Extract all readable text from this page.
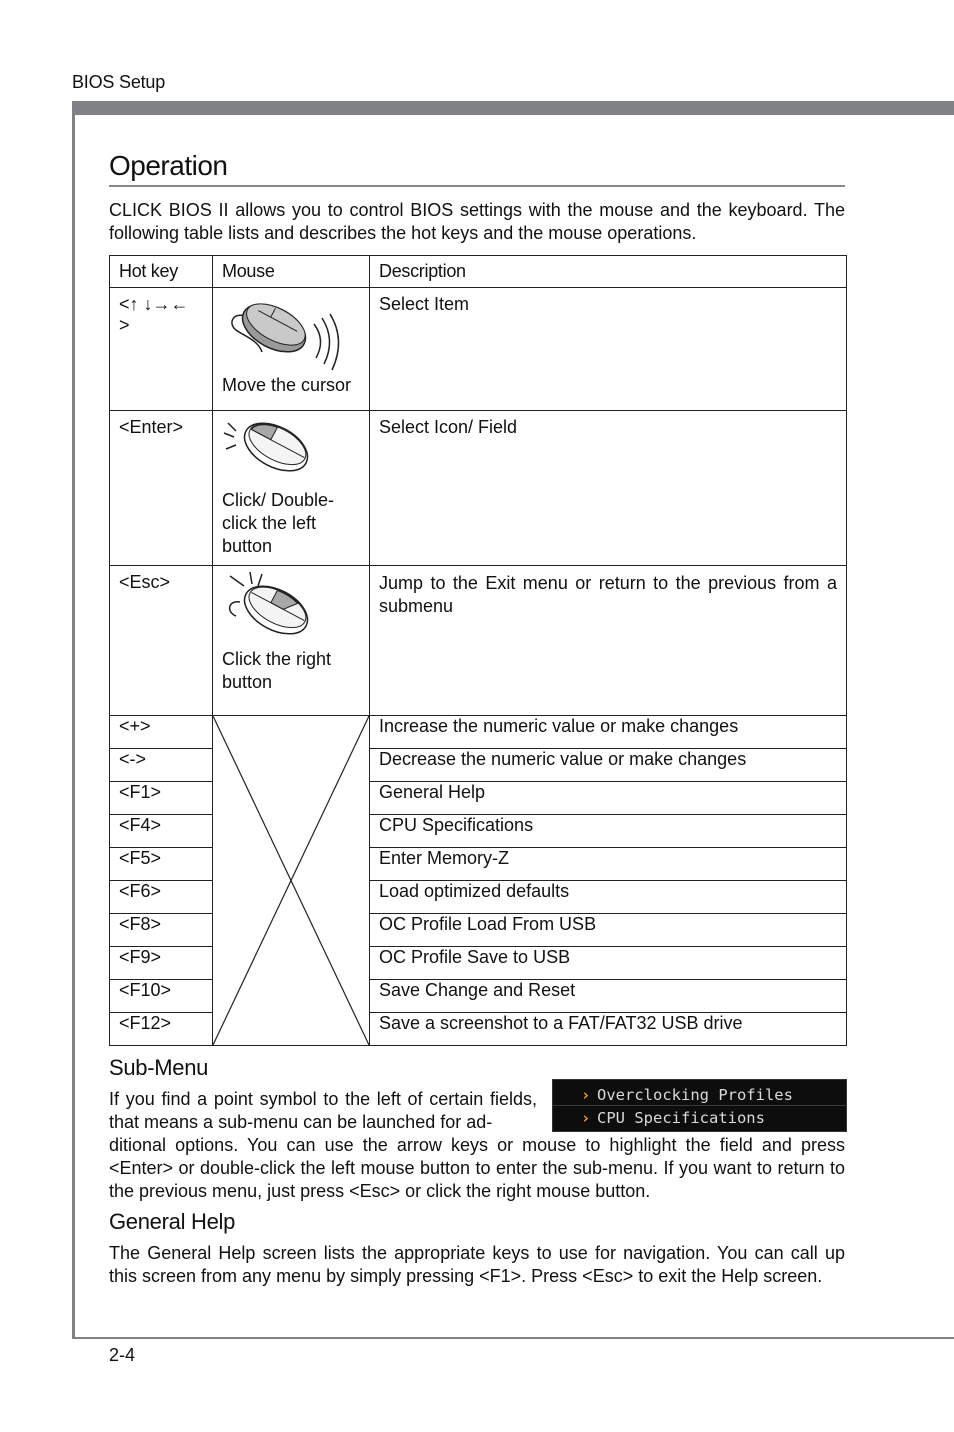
BIOS Setup
Operation

CLICK BIOS II allows you to control BIOS settings with the mouse and the keyboard. The following table lists and describes the hot keys and the mouse operations.

Hot key	Mouse	Description
<↑ ↓→← >	Move the cursor	Select Item
<Enter>	Click/ Double-click the left button	Select Icon/ Field
<Esc>	Click the right button	Jump to the Exit menu or return to the previous from a submenu
<+>		Increase the numeric value or make changes
<->		Decrease the numeric value or make changes
<F1>		General Help
<F4>		CPU Specifications
<F5>		Enter Memory-Z
<F6>		Load optimized defaults
<F8>		OC Profile Load From USB
<F9>		OC Profile Save to USB
<F10>		Save Change and Reset
<F12>		Save a screenshot to a FAT/FAT32 USB drive
Sub-Menu

If you find a point symbol to the left of certain fields, that means a sub-menu can be launched for ad-

› Overclocking Profiles
› CPU Specifications

ditional options. You can use the arrow keys or mouse to highlight the field and press <Enter> or double-click the left mouse button to enter the sub-menu. If you want to return to the previous menu, just press <Esc> or click the right mouse button.

General Help

The General Help screen lists the appropriate keys to use for navigation. You can call up this screen from any menu by simply pressing <F1>. Press <Esc> to exit the Help screen.

2-4
